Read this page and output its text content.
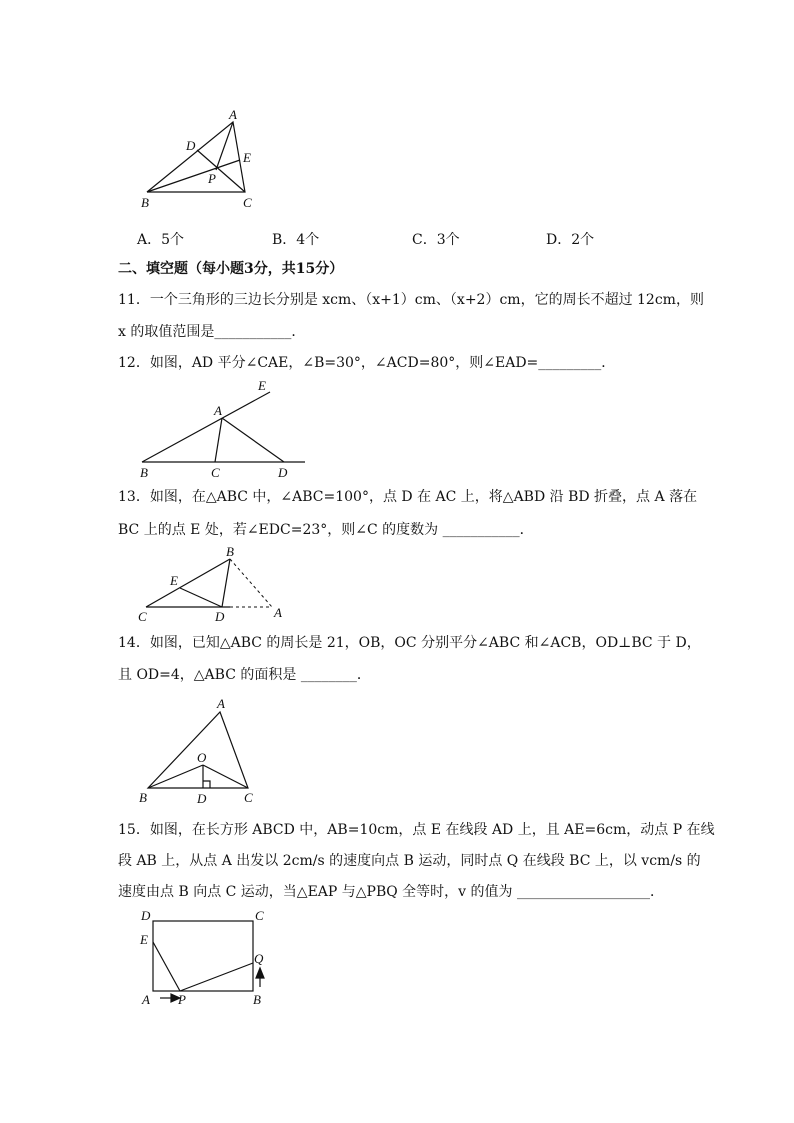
A
D
E
P
B	C
A．5个	B．4个	C．3个	D．2个
二、填空题（每小题3分，共15分）
11．一个三角形的三边长分别是 xcm、（x+1）cm、（x+2）cm，它的周长不超过 12cm，则
x 的取值范围是___________．
12．如图，AD 平分∠CAE，∠B=30°，∠ACD=80°，则∠EAD=_________．
E
A
B	C	D
13．如图，在△ABC 中，∠ABC=100°，点 D 在 AC 上，将△ABD 沿 BD 折叠，点 A 落在
BC 上的点 E 处，若∠EDC=23°，则∠C 的度数为 ___________．
B
E
C	D	A
14．如图，已知△ABC 的周长是 21，OB，OC 分别平分∠ABC 和∠ACB，OD⊥BC 于 D，
且 OD=4，△ABC 的面积是 ________．
A
O
B	D	C
15．如图，在长方形 ABCD 中，AB=10cm，点 E 在线段 AD 上，且 AE=6cm，动点 P 在线
段 AB 上，从点 A 出发以 2cm/s 的速度向点 B 运动，同时点 Q 在线段 BC 上，以 vcm/s 的
速度由点 B 向点 C 运动，当△EAP 与△PBQ 全等时，v 的值为 ___________________．
D	C
E
Q
A P	B
